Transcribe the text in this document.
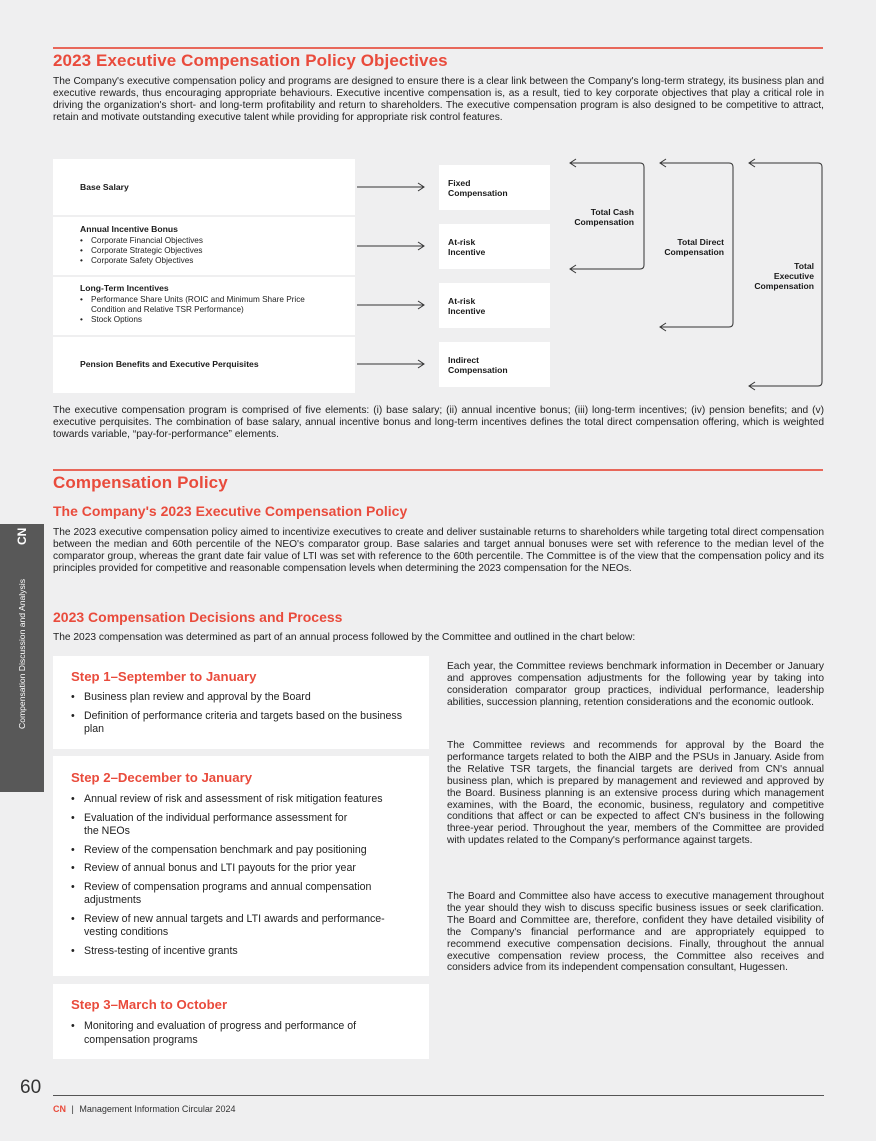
2023 Executive Compensation Policy Objectives

The Company's executive compensation policy and programs are designed to ensure there is a clear link between the Company's long-term strategy, its business plan and executive rewards, thus encouraging appropriate behaviours. Executive incentive compensation is, as a result, tied to key corporate objectives that play a critical role in driving the organization's short- and long-term profitability and return to shareholders. The executive compensation program is also designed to be competitive to attract, retain and motivate outstanding executive talent while providing for appropriate risk control features.

Base Salary
Annual Incentive Bonus
• Corporate Financial Objectives
• Corporate Strategic Objectives
• Corporate Safety Objectives
Long-Term Incentives
• Performance Share Units (ROIC and Minimum Share Price
Condition and Relative TSR Performance)
• Stock Options
Pension Benefits and Executive Perquisites
Fixed
Compensation
At-risk
Incentive
At-risk
Incentive
Indirect
Compensation
Total Cash
Compensation
Total Direct
Compensation
Total
Executive
Compensation

The executive compensation program is comprised of five elements: (i) base salary; (ii) annual incentive bonus; (iii) long-term incentives; (iv) pension benefits; and (v) executive perquisites. The combination of base salary, annual incentive bonus and long-term incentives defines the total direct compensation offering, which is weighted towards variable, “pay-for-performance” elements.

Compensation Policy
The Company's 2023 Executive Compensation Policy

The 2023 executive compensation policy aimed to incentivize executives to create and deliver sustainable returns to shareholders while targeting total direct compensation between the median and 60th percentile of the NEO's comparator group. Base salaries and target annual bonuses were set with reference to the median level of the comparator group, whereas the grant date fair value of LTI was set with reference to the 60th percentile. The Committee is of the view that the compensation policy and its principles provided for competitive and reasonable compensation levels when determining the 2023 compensation for the NEOs.

2023 Compensation Decisions and Process

The 2023 compensation was determined as part of an annual process followed by the Committee and outlined in the chart below:

Step 1–September to January
• Business plan review and approval by the Board
• Definition of performance criteria and targets based on the business plan
Step 2–December to January
• Annual review of risk and assessment of risk mitigation features
• Evaluation of the individual performance assessment for the NEOs
• Review of the compensation benchmark and pay positioning
• Review of annual bonus and LTI payouts for the prior year
• Review of compensation programs and annual compensation adjustments
• Review of new annual targets and LTI awards and performance-vesting conditions
• Stress-testing of incentive grants
Step 3–March to October
• Monitoring and evaluation of progress and performance of compensation programs

Each year, the Committee reviews benchmark information in December or January and approves compensation adjustments for the following year by taking into consideration comparator group practices, individual performance, leadership abilities, succession planning, retention considerations and the economic outlook.

The Committee reviews and recommends for approval by the Board the performance targets related to both the AIBP and the PSUs in January. Aside from the Relative TSR targets, the financial targets are derived from CN's annual business plan, which is prepared by management and reviewed and approved by the Board. Business planning is an extensive process during which management examines, with the Board, the economic, business, regulatory and competitive conditions that affect or can be expected to affect CN's business in the following three-year period. Throughout the year, members of the Committee are provided with updates related to the Company's performance against targets.

The Board and Committee also have access to executive management throughout the year should they wish to discuss specific business issues or seek clarification. The Board and Committee are, therefore, confident they have detailed visibility of the Company's financial performance and are appropriately equipped to recommend executive compensation decisions. Finally, throughout the annual executive compensation review process, the Committee also receives and considers advice from its independent compensation consultant, Hugessen.

CN
Compensation Discussion and Analysis
60
CN | Management Information Circular 2024
